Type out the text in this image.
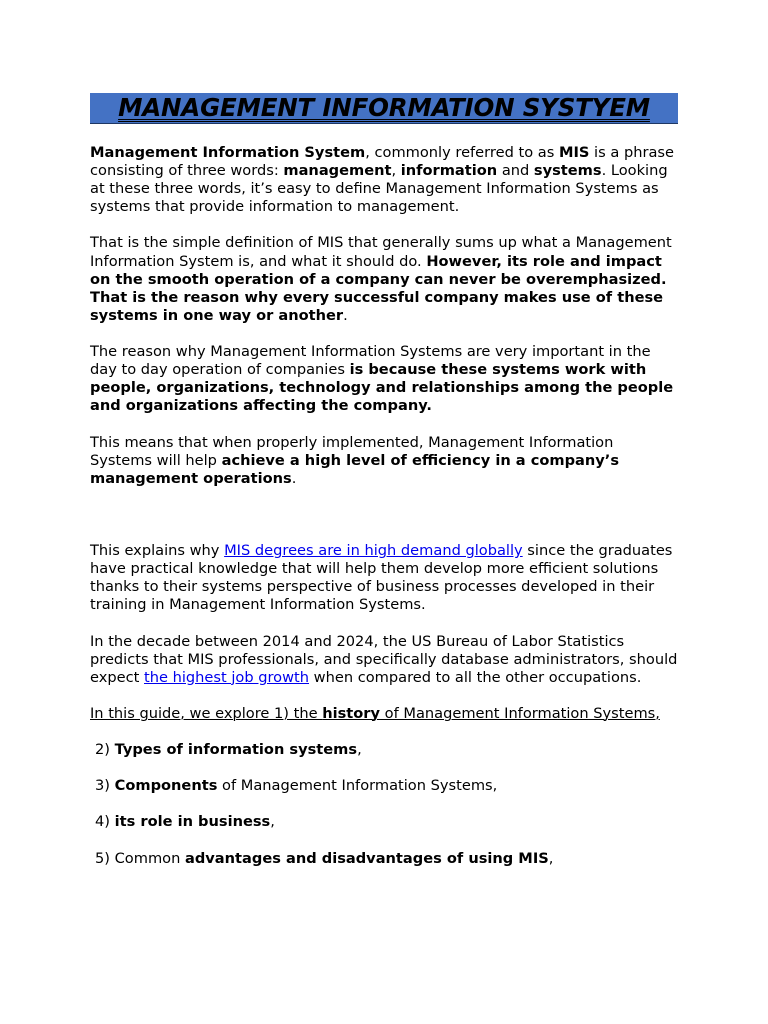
MANAGEMENT INFORMATION SYSTYEM

Management Information System, commonly referred to as MIS is a phrase consisting of three words: management, information and systems. Looking at these three words, it’s easy to define Management Information Systems as systems that provide information to management.

That is the simple definition of MIS that generally sums up what a Management Information System is, and what it should do. However, its role and impact on the smooth operation of a company can never be overemphasized. That is the reason why every successful company makes use of these systems in one way or another.

The reason why Management Information Systems are very important in the day to day operation of companies is because these systems work with people, organizations, technology and relationships among the people and organizations affecting the company.

This means that when properly implemented, Management Information Systems will help achieve a high level of efficiency in a company’s management operations.

This explains why MIS degrees are in high demand globally since the graduates have practical knowledge that will help them develop more efficient solutions thanks to their systems perspective of business processes developed in their training in Management Information Systems.

In the decade between 2014 and 2024, the US Bureau of Labor Statistics predicts that MIS professionals, and specifically database administrators, should expect the highest job growth when compared to all the other occupations.

In this guide, we explore 1) the history of Management Information Systems,

2) Types of information systems,

3) Components of Management Information Systems,

4) its role in business,

5) Common advantages and disadvantages of using MIS,
